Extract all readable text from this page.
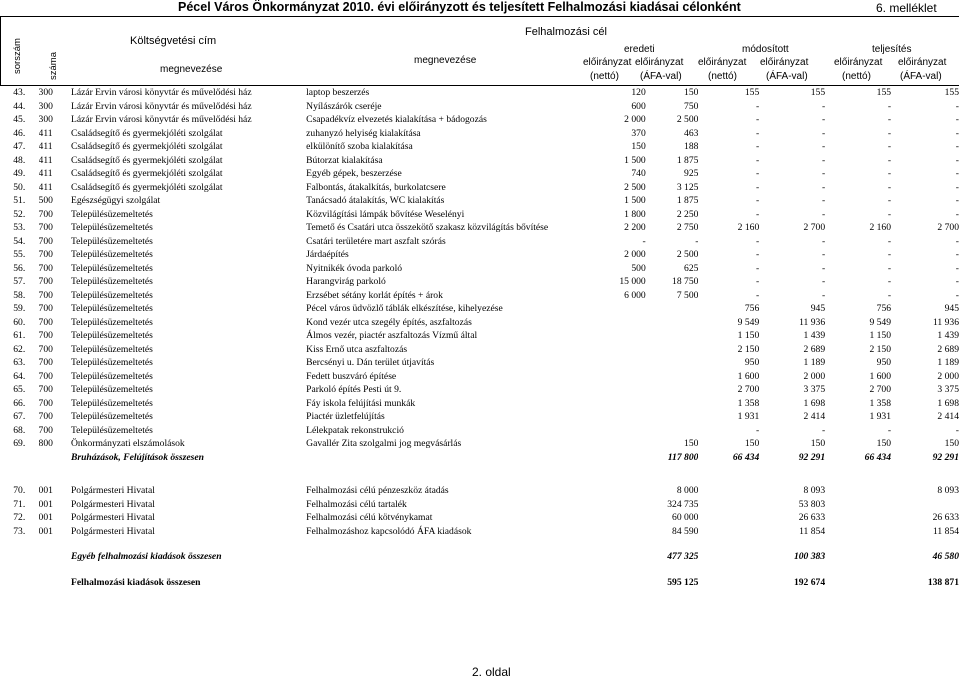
Pécel Város Önkormányzat 2010. évi előirányzott és teljesített Felhalmozási kiadásai célonként	6. melléklet
sorszám	száma
Költségvetési cím
megnevezése
Felhalmozási cél
megnevezése
eredeti	módosított	teljesítés
előirányzat
(nettó)
előirányzat
(ÁFA-val)
előirányzat
(nettó)
előirányzat
(ÁFA-val)
előirányzat
(nettó)
előirányzat
(ÁFA-val)
43.	300	Lázár Ervin városi könyvtár és művelődési ház	laptop beszerzés	120	150	155	155	155	155
44.	300	Lázár Ervin városi könyvtár és művelődési ház	Nyílászárók cseréje	600	750	-	-	-	-
45.	300	Lázár Ervin városi könyvtár és művelődési ház	Csapadékvíz elvezetés kialakítása + bádogozás	2 000	2 500	-	-	-	-
46.	411	Családsegítő és gyermekjóléti szolgálat	zuhanyzó helyiség kialakítása	370	463	-	-	-	-
47.	411	Családsegítő és gyermekjóléti szolgálat	elkülönítő szoba kialakítása	150	188	-	-	-	-
48.	411	Családsegítő és gyermekjóléti szolgálat	Bútorzat kialakítása	1 500	1 875	-	-	-	-
49.	411	Családsegítő és gyermekjóléti szolgálat	Egyéb gépek, beszerzése	740	925	-	-	-	-
50.	411	Családsegítő és gyermekjóléti szolgálat	Falbontás, átakalkítás, burkolatcsere	2 500	3 125	-	-	-	-
51.	500	Egészségügyi szolgálat	Tanácsadó átalakítás, WC kialakítás	1 500	1 875	-	-	-	-
52.	700	Településüzemeltetés	Közvilágítási lámpák bővítése Weselényi	1 800	2 250	-	-	-	-
53.	700	Településüzemeltetés	Temető és Csatári utca összekötő szakasz közvilágítás bővítése	2 200	2 750	2 160	2 700	2 160	2 700
54.	700	Településüzemeltetés	Csatári területére mart aszfalt szórás	-	-	-	-	-	-
55.	700	Településüzemeltetés	Járdaépítés	2 000	2 500	-	-	-	-
56.	700	Településüzemeltetés	Nyitnikék óvoda parkoló	500	625	-	-	-	-
57.	700	Településüzemeltetés	Harangvirág parkoló	15 000	18 750	-	-	-	-
58.	700	Településüzemeltetés	Erzsébet sétány korlát építés + árok	6 000	7 500	-	-	-	-
59.	700	Településüzemeltetés	Pécel város üdvözlő táblák elkészítése, kihelyezése			756	945	756	945
60.	700	Településüzemeltetés	Kond vezér utca szegély építés, aszfaltozás			9 549	11 936	9 549	11 936
61.	700	Településüzemeltetés	Álmos vezér, piactér aszfaltozás Vízmű által			1 150	1 439	1 150	1 439
62.	700	Településüzemeltetés	Kiss Ernő utca aszfaltozás			2 150	2 689	2 150	2 689
63.	700	Településüzemeltetés	Bercsényi u. Dán terület útjavítás			950	1 189	950	1 189
64.	700	Településüzemeltetés	Fedett buszváró építése			1 600	2 000	1 600	2 000
65.	700	Településüzemeltetés	Parkoló építés Pesti út 9.			2 700	3 375	2 700	3 375
66.	700	Településüzemeltetés	Fáy iskola felújítási munkák			1 358	1 698	1 358	1 698
67.	700	Településüzemeltetés	Piactér üzletfelújítás			1 931	2 414	1 931	2 414
68.	700	Településüzemeltetés	Lélekpatak rekonstrukció			-	-	-	-
69.	800	Önkormányzati elszámolások	Gavallér Zita szolgalmi jog megvásárlás		150	150	150	150	150
		Bruházások, Felújítások összesen			117 800	66 434	92 291	66 434	92 291
70.	001	Polgármesteri Hivatal	Felhalmozási célú pénzeszköz átadás		8 000		8 093		8 093
71.	001	Polgármesteri Hivatal	Felhalmozási célú tartalék		324 735		53 803		
72.	001	Polgármesteri Hivatal	Felhalmozási célú kötvénykamat		60 000		26 633		26 633
73.	001	Polgármesteri Hivatal	Felhalmozáshoz kapcsolódó ÁFA kiadások		84 590		11 854		11 854

		Egyéb felhalmozási kiadások összesen			477 325		100 383		46 580

		Felhalmozási kiadások összesen			595 125		192 674		138 871
2. oldal
